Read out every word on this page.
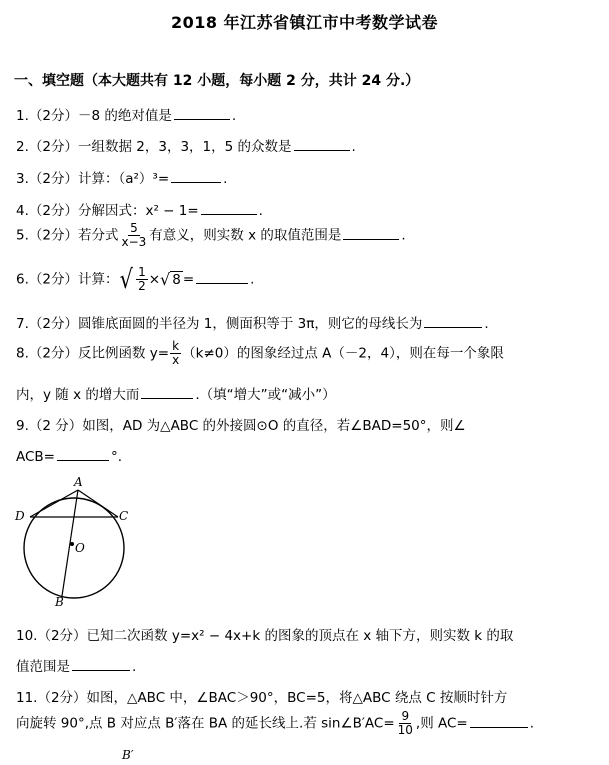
2018 年江苏省镇江市中考数学试卷
一、填空题（本大题共有 12 小题，每小题 2 分，共计 24 分.）
1.（2分）－8 的绝对值是	.
2.（2分）一组数据 2，3，3，1，5 的众数是	.
3.（2分）计算：（a²）³=	.
4.（2分）分解因式：x² − 1=	.
5.（2分）若分式 $\frac{5}{x-3}$ 有意义，则实数 x 的取值范围是	.
6.（2分）计算： √ $\frac{1}{2}$ × √ 8 =	.
7.（2分）圆锥底面圆的半径为 1，侧面积等于 3π，则它的母线长为	.
8.（2分）反比例函数 $y= \frac{k}{x} (k\ne 0)$的图象经过点 A（－2，4），则在每一个象限
内，y 随 x 的增大而	.（填“增大”或“减小”）
9.（2 分）如图，AD 为△ABC 的外接圆⊙O 的直径，若∠BAD=50°，则∠
ACB=	°.
A
D	C
O
B
10.（2分）已知二次函数 y=x² − 4x+k 的图象的顶点在 x 轴下方，则实数 k 的取
值范围是	.
11.（2分）如图，△ABC 中，∠BAC＞90°，BC=5，将△ABC 绕点 C 按顺时针方
向旋转 90°,点 B 对应点 B′落在 BA 的延长线上.若 sin∠B′AC= $\frac{9}{10}$ ,则 AC=	.
B′
